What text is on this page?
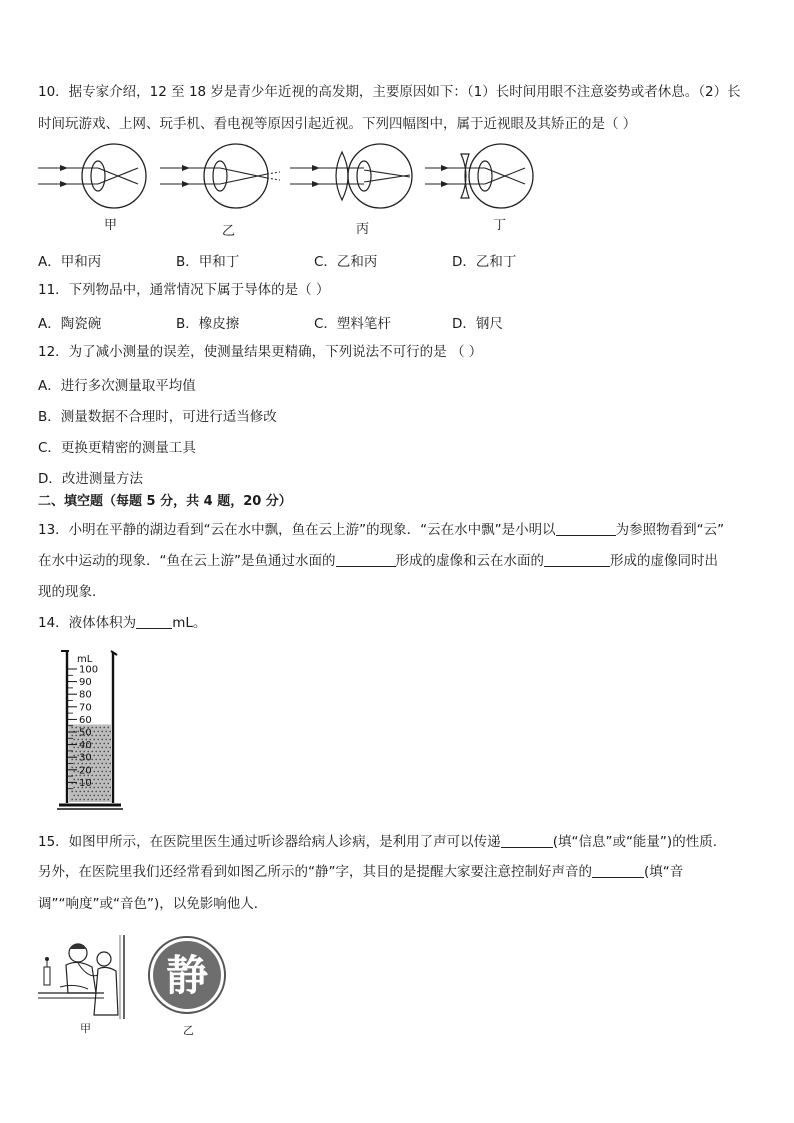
10．据专家介绍，12 至 18 岁是青少年近视的高发期，主要原因如下：（1）长时间用眼不注意姿势或者休息。（2）长
时间玩游戏、上网、玩手机、看电视等原因引起近视。下列四幅图中，属于近视眼及其矫正的是（ ）
甲	乙	丙	丁
A．甲和丙	B．甲和丁	C．乙和丙	D．乙和丁
11．下列物品中，通常情况下属于导体的是（ ）
A．陶瓷碗	B．橡皮擦	C．塑料笔杆	D．钢尺
12．为了减小测量的误差，使测量结果更精确，下列说法不可行的是 （ ）
A．进行多次测量取平均值
B．测量数据不合理时，可进行适当修改
C．更换更精密的测量工具
D．改进测量方法
二、填空题（每题 5 分，共 4 题，20 分）
13．小明在平静的湖边看到“云在水中飘，鱼在云上游”的现象．“云在水中飘”是小明以	为参照物看到“云”
在水中运动的现象．“鱼在云上游”是鱼通过水面的	形成的虚像和云在水面的	形成的虚像同时出
现的现象.
14．液体体积为	mL。
mL
100
90
80
70
60
50
40
30
20
10
15．如图甲所示，在医院里医生通过听诊器给病人诊病，是利用了声可以传递	(填“信息”或“能量”)的性质.
另外，在医院里我们还经常看到如图乙所示的“静”字，其目的是提醒大家要注意控制好声音的	(填“音
调”“响度”或“音色”)，以免影响他人．
甲
静
乙
